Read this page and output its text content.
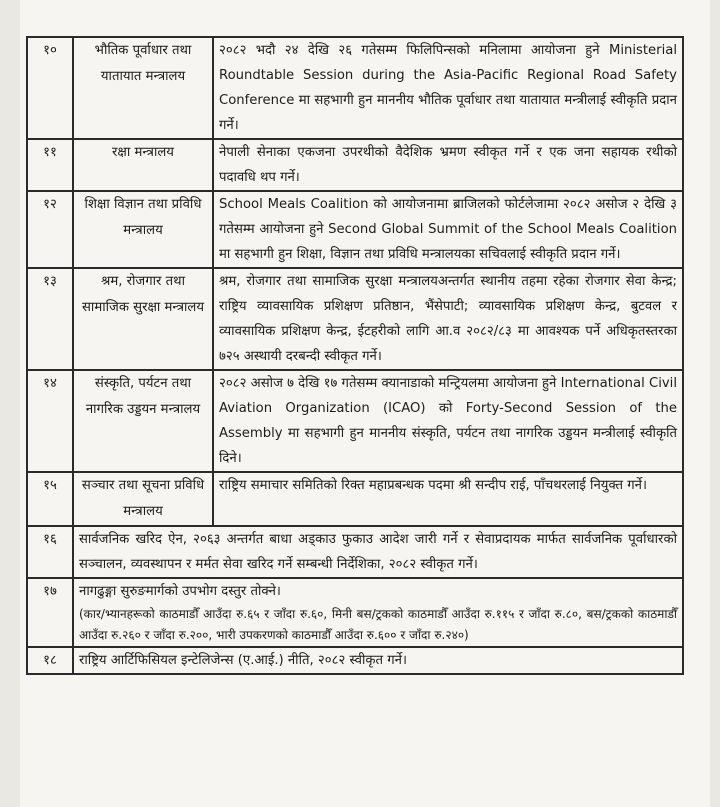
१०	भौतिक पूर्वाधार तथा यातायात मन्त्रालय	२०८२ भदौ २४ देखि २६ गतेसम्म फिलिपिन्सको मनिलामा आयोजना हुने Ministerial Roundtable Session during the Asia-Pacific Regional Road Safety Conference मा सहभागी हुन माननीय भौतिक पूर्वाधार तथा यातायात मन्त्रीलाई स्वीकृति प्रदान गर्ने।
११	रक्षा मन्त्रालय	नेपाली सेनाका एकजना उपरथीको वैदेशिक भ्रमण स्वीकृत गर्ने र एक जना सहायक रथीको पदावधि थप गर्ने।
१२	शिक्षा विज्ञान तथा प्रविधि मन्त्रालय	School Meals Coalition को आयोजनामा ब्राजिलको फोर्टलेजामा २०८२ असोज २ देखि ३ गतेसम्म आयोजना हुने Second Global Summit of the School Meals Coalition मा सहभागी हुन शिक्षा, विज्ञान तथा प्रविधि मन्त्रालयका सचिवलाई स्वीकृति प्रदान गर्ने।
१३	श्रम, रोजगार तथा सामाजिक सुरक्षा मन्त्रालय	श्रम, रोजगार तथा सामाजिक सुरक्षा मन्त्रालयअन्तर्गत स्थानीय तहमा रहेका रोजगार सेवा केन्द्र; राष्ट्रिय व्यावसायिक प्रशिक्षण प्रतिष्ठान, भैंसेपाटी; व्यावसायिक प्रशिक्षण केन्द्र, बुटवल र व्यावसायिक प्रशिक्षण केन्द्र, ईटहरीको लागि आ.व २०८२/८३ मा आवश्यक पर्ने अधिकृतस्तरका ७२५ अस्थायी दरबन्दी स्वीकृत गर्ने।
१४	संस्कृति, पर्यटन तथा नागरिक उड्डयन मन्त्रालय	२०८२ असोज ७ देखि १७ गतेसम्म क्यानाडाको मन्ट्रियलमा आयोजना हुने International Civil Aviation Organization (ICAO) को Forty-Second Session of the Assembly मा सहभागी हुन माननीय संस्कृति, पर्यटन तथा नागरिक उड्डयन मन्त्रीलाई स्वीकृति दिने।
१५	सञ्चार तथा सूचना प्रविधि मन्त्रालय	राष्ट्रिय समाचार समितिको रिक्त महाप्रबन्धक पदमा श्री सन्दीप राई, पाँचथरलाई नियुक्त गर्ने।
१६	सार्वजनिक खरिद ऐन, २०६३ अन्तर्गत बाधा अड्काउ फुकाउ आदेश जारी गर्ने र सेवाप्रदायक मार्फत सार्वजनिक पूर्वाधारको सञ्चालन, व्यवस्थापन र मर्मत सेवा खरिद गर्ने सम्बन्धी निर्देशिका, २०८२ स्वीकृत गर्ने।	

१७	नागढुङ्गा सुरुङमार्गको उपभोग दस्तुर तोक्ने।
(कार/भ्यानहरूको काठमाडौँ आउँदा रु.६५ र जाँदा रु.६०, मिनी बस/ट्रकको काठमाडौँ आउँदा रु.११५ र जाँदा रु.८०, बस/ट्रकको काठमाडौँ आउँदा रु.२६० र जाँदा रु.२००, भारी उपकरणको काठमाडौँ आउँदा रु.६०० र जाँदा रु.२४०)	

१८	राष्ट्रिय आर्टिफिसियल इन्टेलिजेन्स (ए.आई.) नीति, २०८२ स्वीकृत गर्ने।	
